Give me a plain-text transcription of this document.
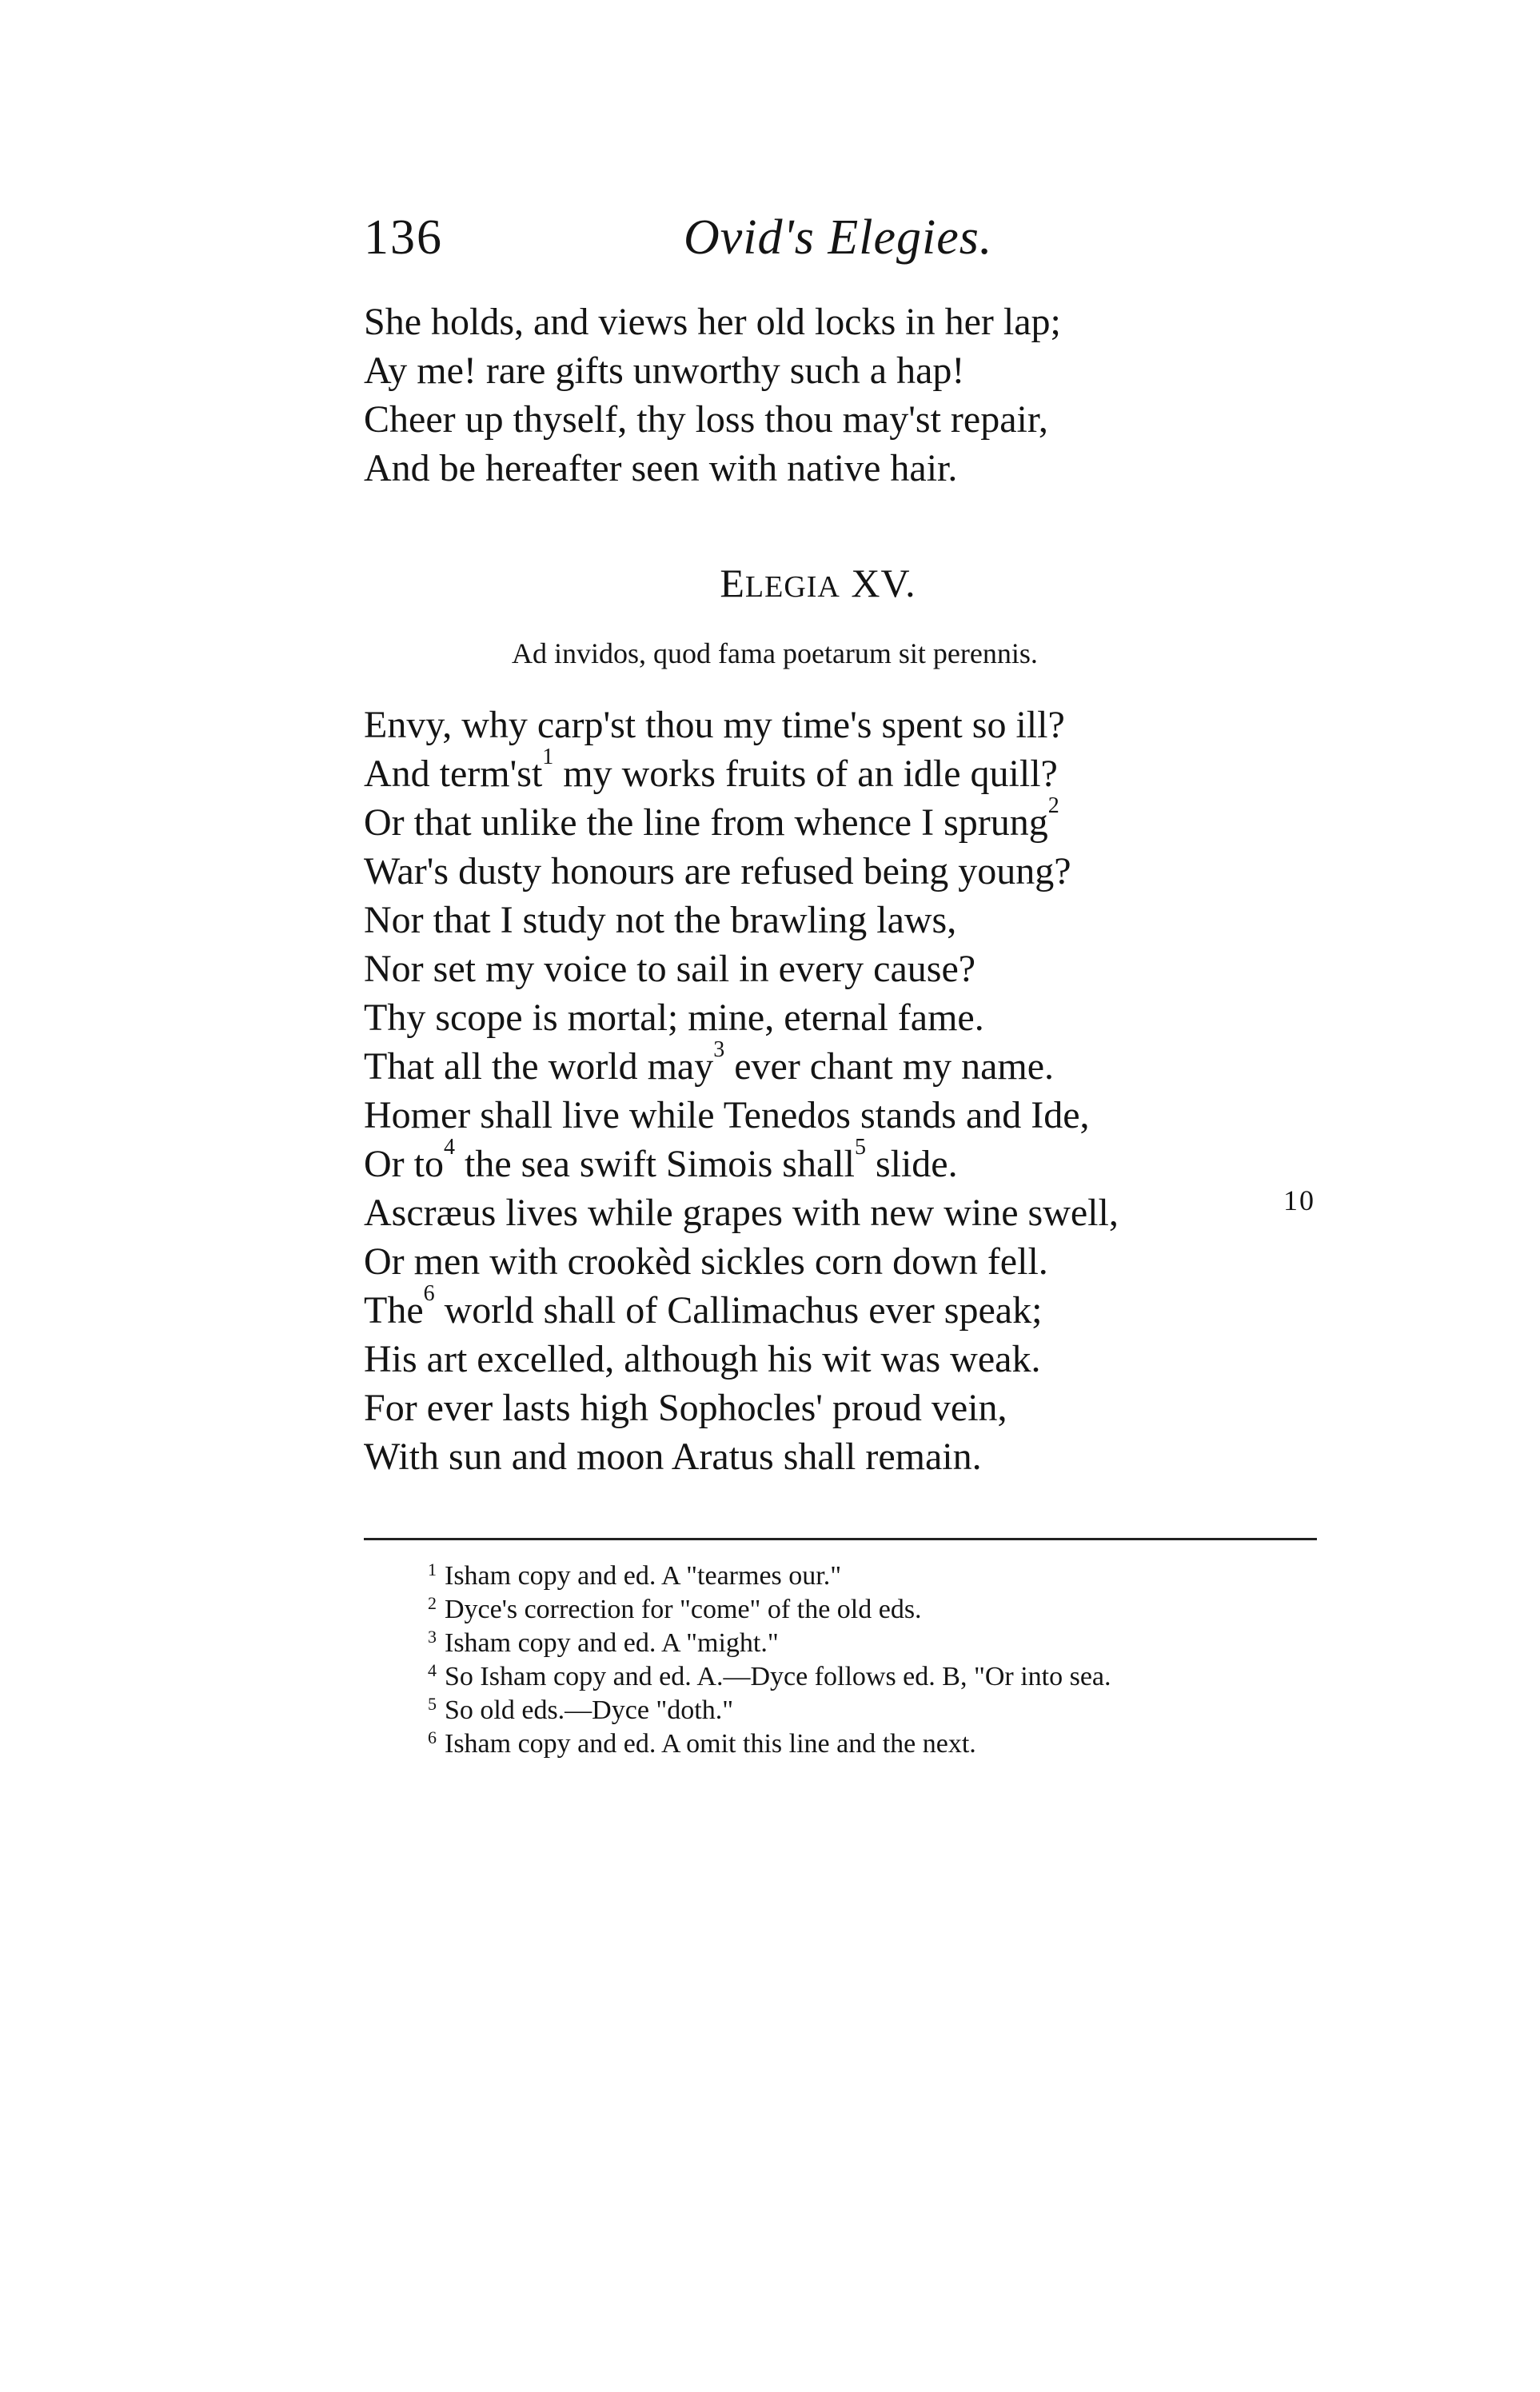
136	Ovid's Elegies.
She holds, and views her old locks in her lap;
Ay me! rare gifts unworthy such a hap!
Cheer up thyself, thy loss thou may'st repair,
And be hereafter seen with native hair.
ELEGIA XV.
Ad invidos, quod fama poetarum sit perennis.
Envy, why carp'st thou my time's spent so ill?
And $term'st^1$ my works fruits of an idle quill?
Or that unlike the line from whence I sprung$^2$
War's dusty honours are refused being young?
Nor that I study not the brawling laws,
Nor set my voice to sail in every cause?
Thy scope is mortal; mine, eternal fame.
That all the world may$^3$ ever chant my name.
Homer shall live while Tenedos stands and Ide,
Or $to^4$ the sea swift Simois shall$^5$ slide.
Ascræus lives while grapes with new wine swell,
Or men with crookèd sickles corn down fell.
The$^6$ world shall of Callimachus ever speak;
His art excelled, although his wit was weak.
For ever lasts high Sophocles' proud vein,
With sun and moon Aratus shall remain.
10
$^1$ Isham copy and ed. A "tearmes our."
$^2$ Dyce's correction for "come" of the old eds.
$^3$ Isham copy and ed. A "might."
$^4$ So Isham copy and ed. A.—Dyce follows ed. B, "Or into sea.
$^5$ So old eds.—Dyce "doth."
$^6$ Isham copy and ed. A omit this line and the next.
